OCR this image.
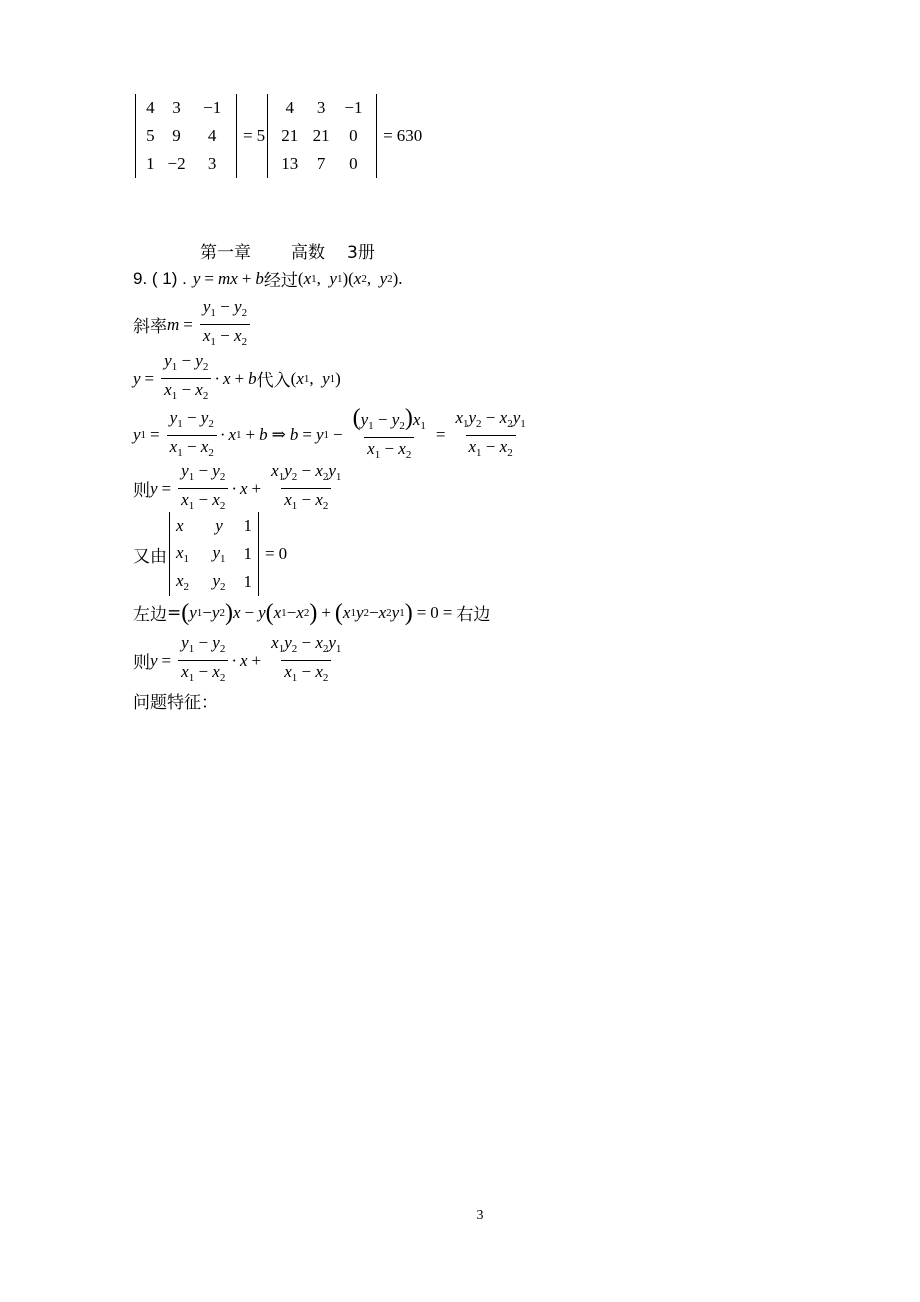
4	3	−1
5	9	4
1	−2	3
= 5
4	3	−1
21	21	0
13	7	0
= 630
第一章 高数 3册
9. ( 1) . y = mx + b 经过 ( x 1 , y 1 )( x 2 , y 2 ).
斜率 $m = \frac{y_1 - y_2}{x_1 - x_2}$
$y = \frac{y_1 - y_2}{x_1 - x_2} \cdot x + b$ 代入 ( x 1 , y 1 )
y $1 = \frac{y_1 - y_2}{x_1 - x_2} \cdot x$ 1 + b ⇒ b = y $1 - \frac{(y_1 - y_2)x_1}{x_1 - x_2} = \frac{x_1y_2 - x_2y_1}{x_1 - x_2}$
则 $y = \frac{y_1 - y_2}{x_1 - x_2} \cdot x + \frac{x_1y_2 - x_2y_1}{x_1 - x_2}$
又由
x	y	1
$x_1$	$y_1$	1
$x_2$	$y_2$	1
= 0
左边 = ( y 1 − y 2 ) x − y ( x 1 − x 2 ) + ( x 1 y 2 − x 2 y 1 ) = 0 = 右边
则 $y = \frac{y_1 - y_2}{x_1 - x_2} \cdot x + \frac{x_1y_2 - x_2y_1}{x_1 - x_2}$
问题特征：
3
